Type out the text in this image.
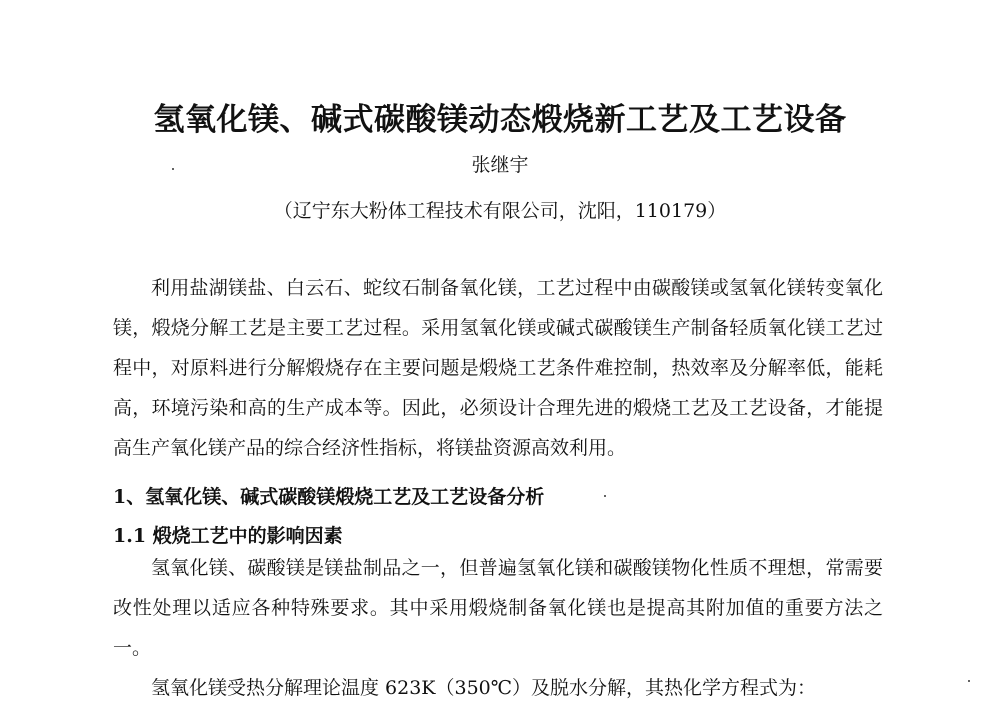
氢氧化镁、碱式碳酸镁动态煅烧新工艺及工艺设备

张继宇

（辽宁东大粉体工程技术有限公司，沈阳，110179）

利用盐湖镁盐、白云石、蛇纹石制备氧化镁，工艺过程中由碳酸镁或氢氧化镁转变氧化镁，煅烧分解工艺是主要工艺过程。采用氢氧化镁或碱式碳酸镁生产制备轻质氧化镁工艺过程中，对原料进行分解煅烧存在主要问题是煅烧工艺条件难控制，热效率及分解率低，能耗高，环境污染和高的生产成本等。因此，必须设计合理先进的煅烧工艺及工艺设备，才能提高生产氧化镁产品的综合经济性指标，将镁盐资源高效利用。

1、氢氧化镁、碱式碳酸镁煅烧工艺及工艺设备分析
1.1 煅烧工艺中的影响因素

氢氧化镁、碳酸镁是镁盐制品之一，但普遍氢氧化镁和碳酸镁物化性质不理想，常需要改性处理以适应各种特殊要求。其中采用煅烧制备氧化镁也是提高其附加值的重要方法之一。

氢氧化镁受热分解理论温度 623K（350℃）及脱水分解，其热化学方程式为：
